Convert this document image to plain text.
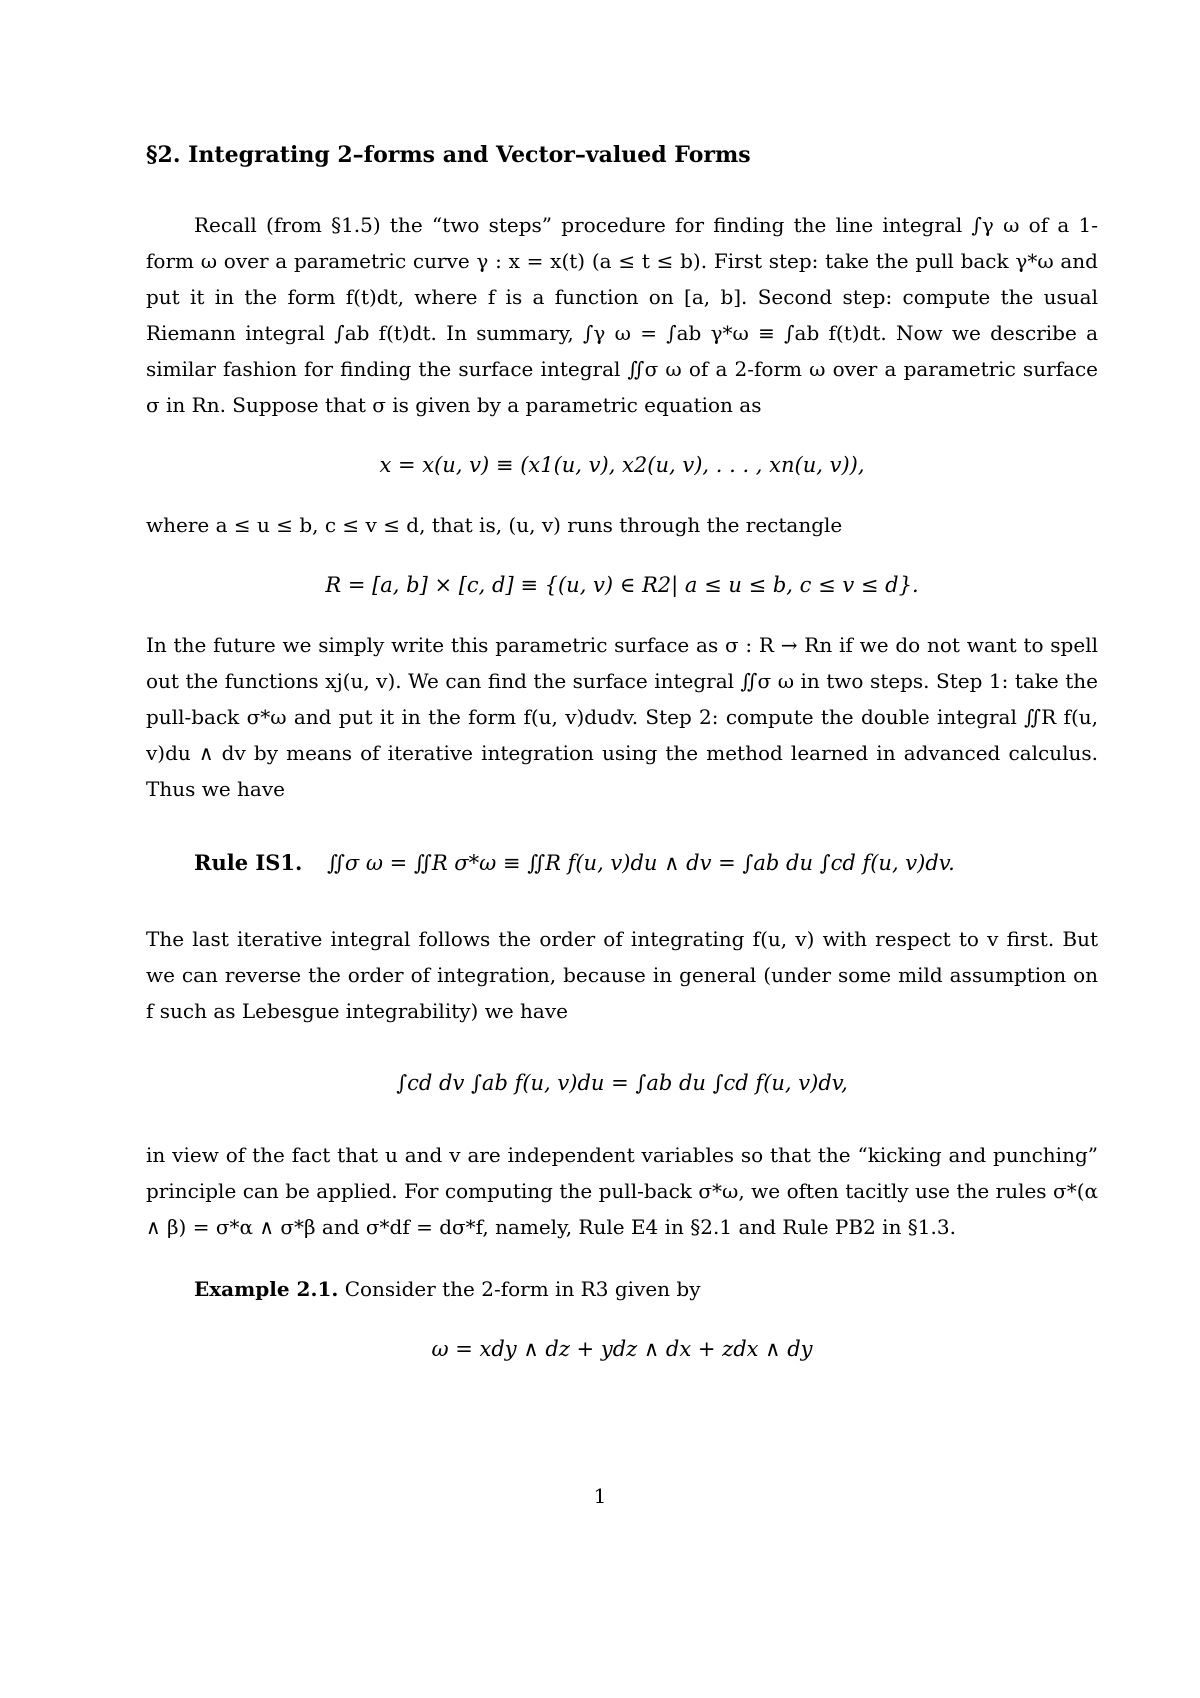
§2. Integrating 2–forms and Vector–valued Forms

Recall (from §1.5) the “two steps” procedure for finding the line integral ∫γ ω of a 1-form ω over a parametric curve γ : x = x(t) (a ≤ t ≤ b). First step: take the pull back γ*ω and put it in the form f(t)dt, where f is a function on [a, b]. Second step: compute the usual Riemann integral ∫ab f(t)dt. In summary, ∫γ ω = ∫ab γ*ω ≡ ∫ab f(t)dt. Now we describe a similar fashion for finding the surface integral ∬σ ω of a 2-form ω over a parametric surface σ in Rn. Suppose that σ is given by a parametric equation as

x = x(u, v) ≡ (x1(u, v), x2(u, v), . . . , xn(u, v)),

where a ≤ u ≤ b, c ≤ v ≤ d, that is, (u, v) runs through the rectangle

R = [a, b] × [c, d] ≡ {(u, v) ∈ R2| a ≤ u ≤ b, c ≤ v ≤ d}.

In the future we simply write this parametric surface as σ : R → Rn if we do not want to spell out the functions xj(u, v). We can find the surface integral ∬σ ω in two steps. Step 1: take the pull-back σ*ω and put it in the form f(u, v)dudv. Step 2: compute the double integral ∬R f(u, v)du ∧ dv by means of iterative integration using the method learned in advanced calculus. Thus we have

Rule IS1. ∬σ ω = ∬R σ*ω ≡ ∬R f(u, v)du ∧ dv = ∫ab du ∫cd f(u, v)dv.

The last iterative integral follows the order of integrating f(u, v) with respect to v first. But we can reverse the order of integration, because in general (under some mild assumption on f such as Lebesgue integrability) we have

∫cd dv ∫ab f(u, v)du = ∫ab du ∫cd f(u, v)dv,

in view of the fact that u and v are independent variables so that the “kicking and punching” principle can be applied. For computing the pull-back σ*ω, we often tacitly use the rules σ*(α ∧ β) = σ*α ∧ σ*β and σ*df = dσ*f, namely, Rule E4 in §2.1 and Rule PB2 in §1.3.

Example 2.1. Consider the 2-form in R3 given by

ω = xdy ∧ dz + ydz ∧ dx + zdx ∧ dy
1
